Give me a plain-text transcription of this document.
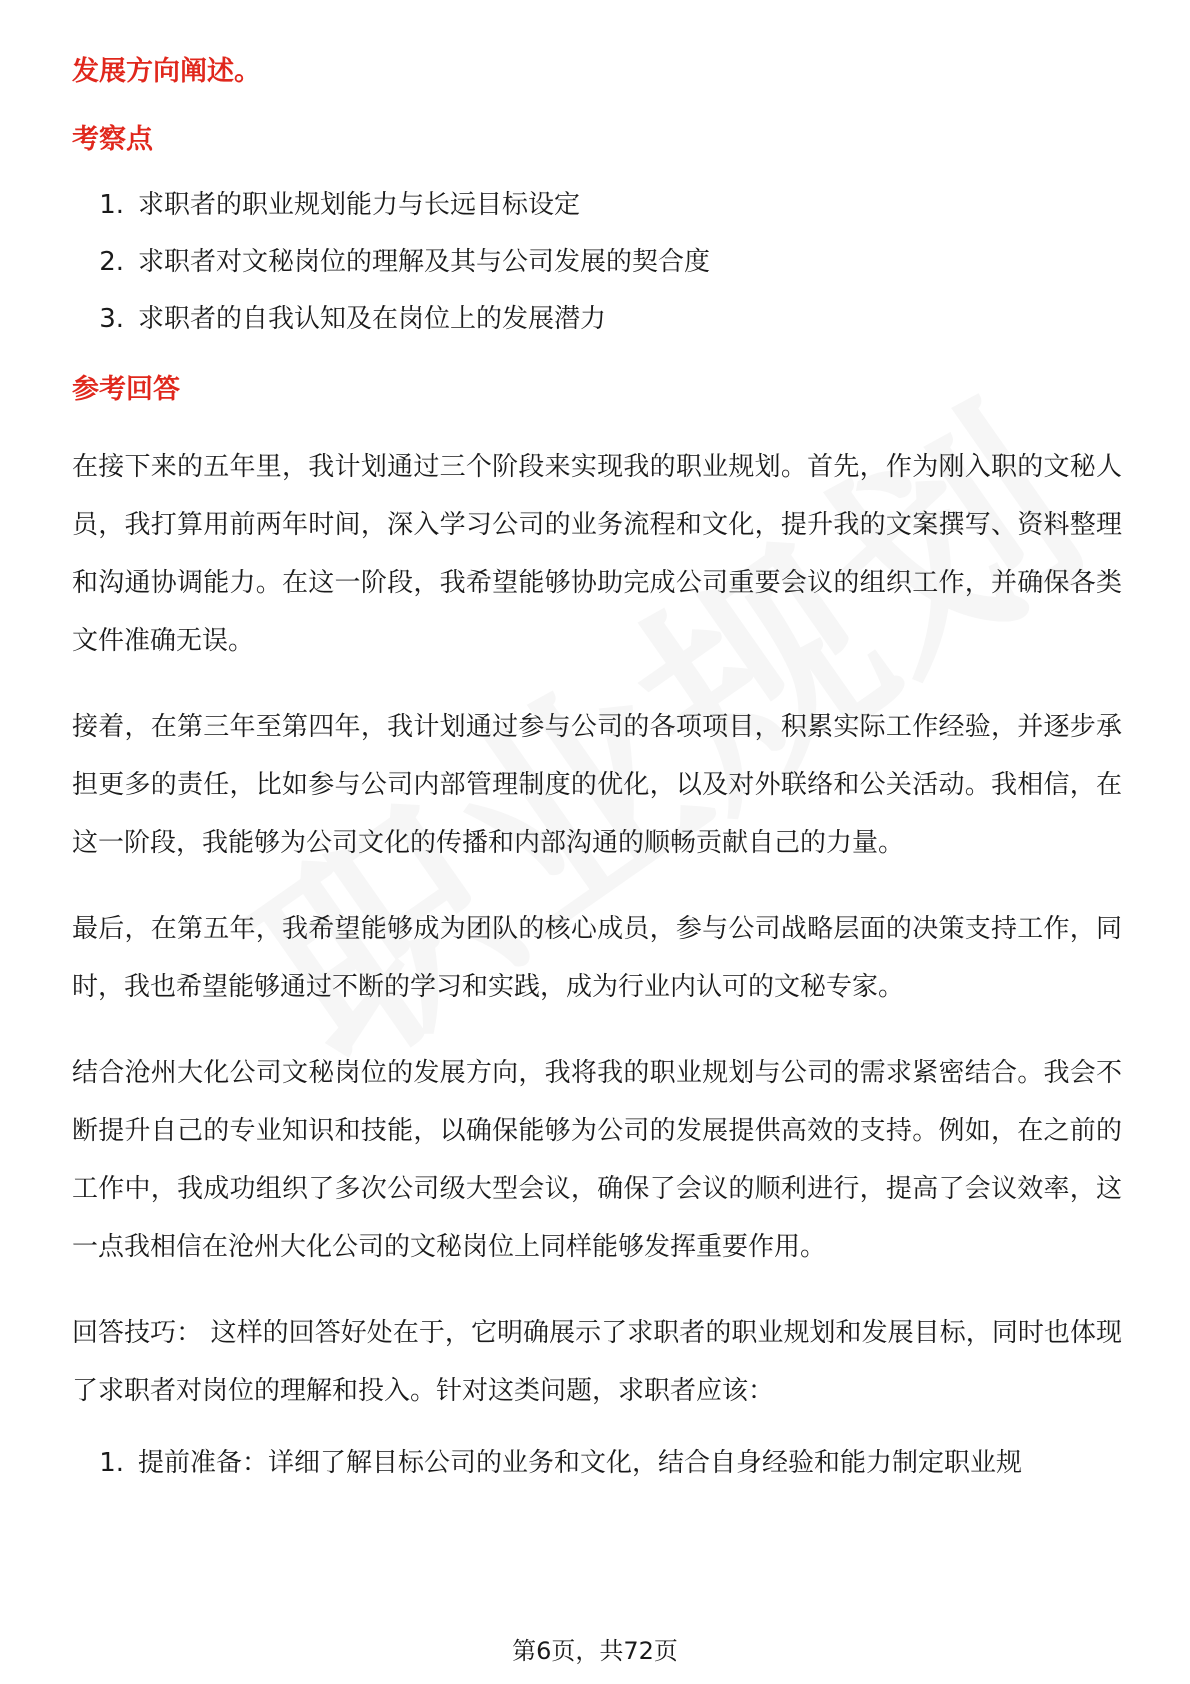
发展方向阐述。
考察点
1. 求职者的职业规划能力与长远目标设定
2. 求职者对文秘岗位的理解及其与公司发展的契合度
3. 求职者的自我认知及在岗位上的发展潜力
参考回答

在接下来的五年里，我计划通过三个阶段来实现我的职业规划。首先，作为刚入职的文秘人员，我打算用前两年时间，深入学习公司的业务流程和文化，提升我的文案撰写、资料整理和沟通协调能力。在这一阶段，我希望能够协助完成公司重要会议的组织工作，并确保各类文件准确无误。

接着，在第三年至第四年，我计划通过参与公司的各项项目，积累实际工作经验，并逐步承担更多的责任，比如参与公司内部管理制度的优化，以及对外联络和公关活动。我相信，在这一阶段，我能够为公司文化的传播和内部沟通的顺畅贡献自己的力量。

最后，在第五年，我希望能够成为团队的核心成员，参与公司战略层面的决策支持工作，同时，我也希望能够通过不断的学习和实践，成为行业内认可的文秘专家。

结合沧州大化公司文秘岗位的发展方向，我将我的职业规划与公司的需求紧密结合。我会不断提升自己的专业知识和技能，以确保能够为公司的发展提供高效的支持。例如，在之前的工作中，我成功组织了多次公司级大型会议，确保了会议的顺利进行，提高了会议效率，这一点我相信在沧州大化公司的文秘岗位上同样能够发挥重要作用。

回答技巧： 这样的回答好处在于，它明确展示了求职者的职业规划和发展目标，同时也体现了求职者对岗位的理解和投入。针对这类问题，求职者应该：

1. 提前准备：详细了解目标公司的业务和文化，结合自身经验和能力制定职业规
第6页，共72页
